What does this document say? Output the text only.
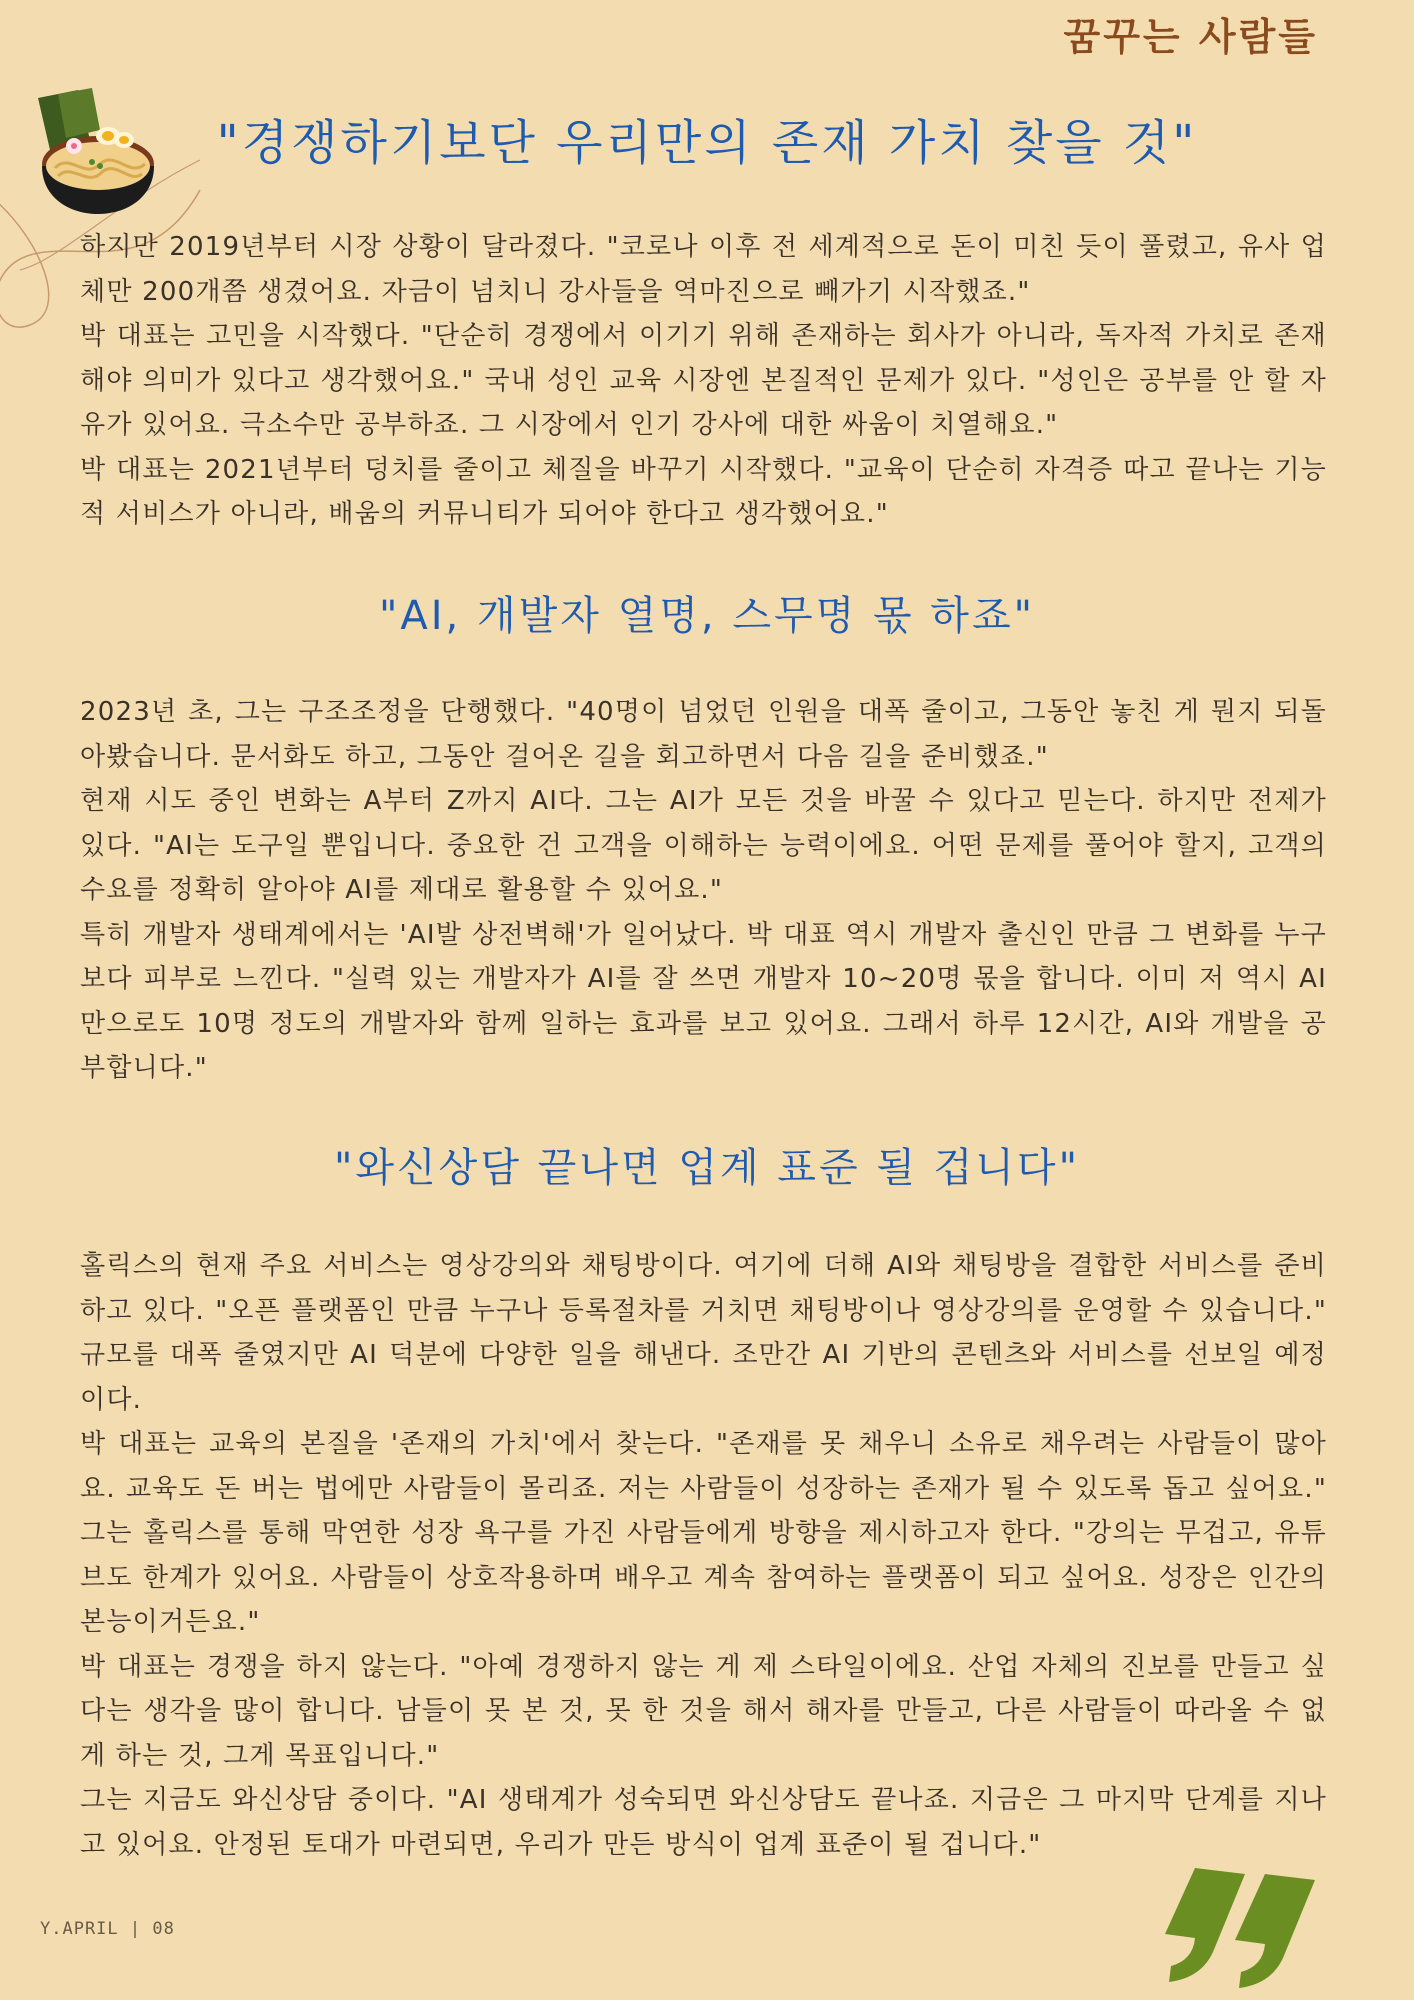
꿈꾸는 사람들
"경쟁하기보단 우리만의 존재 가치 찾을 것"

하지만 2019년부터 시장 상황이 달라졌다. "코로나 이후 전 세계적으로 돈이 미친 듯이 풀렸고, 유사 업체만 200개쯤 생겼어요. 자금이 넘치니 강사들을 역마진으로 빼가기 시작했죠."

박 대표는 고민을 시작했다. "단순히 경쟁에서 이기기 위해 존재하는 회사가 아니라, 독자적 가치로 존재해야 의미가 있다고 생각했어요." 국내 성인 교육 시장엔 본질적인 문제가 있다. "성인은 공부를 안 할 자유가 있어요. 극소수만 공부하죠. 그 시장에서 인기 강사에 대한 싸움이 치열해요."

박 대표는 2021년부터 덩치를 줄이고 체질을 바꾸기 시작했다. "교육이 단순히 자격증 따고 끝나는 기능적 서비스가 아니라, 배움의 커뮤니티가 되어야 한다고 생각했어요."

"AI, 개발자 열명, 스무명 몫 하죠"

2023년 초, 그는 구조조정을 단행했다. "40명이 넘었던 인원을 대폭 줄이고, 그동안 놓친 게 뭔지 되돌아봤습니다. 문서화도 하고, 그동안 걸어온 길을 회고하면서 다음 길을 준비했죠."

현재 시도 중인 변화는 A부터 Z까지 AI다. 그는 AI가 모든 것을 바꿀 수 있다고 믿는다. 하지만 전제가 있다. "AI는 도구일 뿐입니다. 중요한 건 고객을 이해하는 능력이에요. 어떤 문제를 풀어야 할지, 고객의 수요를 정확히 알아야 AI를 제대로 활용할 수 있어요."

특히 개발자 생태계에서는 'AI발 상전벽해'가 일어났다. 박 대표 역시 개발자 출신인 만큼 그 변화를 누구보다 피부로 느낀다. "실력 있는 개발자가 AI를 잘 쓰면 개발자 10~20명 몫을 합니다. 이미 저 역시 AI만으로도 10명 정도의 개발자와 함께 일하는 효과를 보고 있어요. 그래서 하루 12시간, AI와 개발을 공부합니다."

"와신상담 끝나면 업계 표준 될 겁니다"

홀릭스의 현재 주요 서비스는 영상강의와 채팅방이다. 여기에 더해 AI와 채팅방을 결합한 서비스를 준비하고 있다. "오픈 플랫폼인 만큼 누구나 등록절차를 거치면 채팅방이나 영상강의를 운영할 수 있습니다." 규모를 대폭 줄였지만 AI 덕분에 다양한 일을 해낸다. 조만간 AI 기반의 콘텐츠와 서비스를 선보일 예정이다.

박 대표는 교육의 본질을 '존재의 가치'에서 찾는다. "존재를 못 채우니 소유로 채우려는 사람들이 많아요. 교육도 돈 버는 법에만 사람들이 몰리죠. 저는 사람들이 성장하는 존재가 될 수 있도록 돕고 싶어요." 그는 홀릭스를 통해 막연한 성장 욕구를 가진 사람들에게 방향을 제시하고자 한다. "강의는 무겁고, 유튜브도 한계가 있어요. 사람들이 상호작용하며 배우고 계속 참여하는 플랫폼이 되고 싶어요. 성장은 인간의 본능이거든요."

박 대표는 경쟁을 하지 않는다. "아예 경쟁하지 않는 게 제 스타일이에요. 산업 자체의 진보를 만들고 싶다는 생각을 많이 합니다. 남들이 못 본 것, 못 한 것을 해서 해자를 만들고, 다른 사람들이 따라올 수 없게 하는 것, 그게 목표입니다."

그는 지금도 와신상담 중이다. "AI 생태계가 성숙되면 와신상담도 끝나죠. 지금은 그 마지막 단계를 지나고 있어요. 안정된 토대가 마련되면, 우리가 만든 방식이 업계 표준이 될 겁니다."

Y.APRIL | 08
